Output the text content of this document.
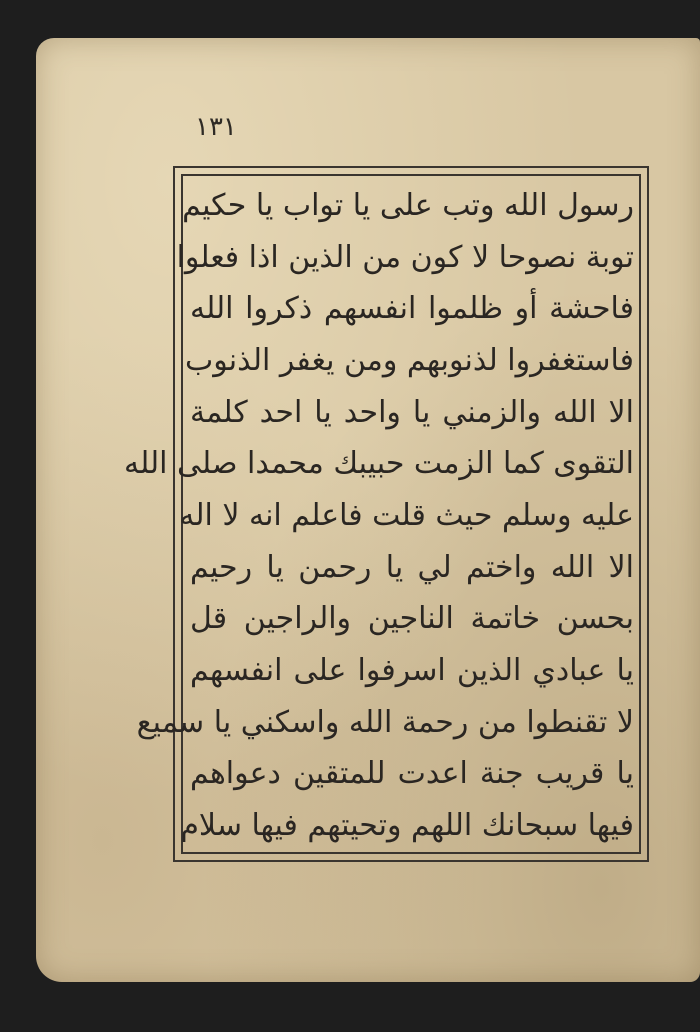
١٣١
رسول الله وتب على يا تواب يا حكيم
توبة نصوحا لا كون من الذين اذا فعلوا
فاحشة أو ظلموا انفسهم ذكروا الله
فاستغفروا لذنوبهم ومن يغفر الذنوب
الا الله والزمني يا واحد يا احد كلمة
التقوى كما الزمت حبيبك محمدا صلى الله
عليه وسلم حيث قلت فاعلم انه لا اله
الا الله واختم لي يا رحمن يا رحيم
بحسن خاتمة الناجين والراجين قل
يا عبادي الذين اسرفوا على انفسهم
لا تقنطوا من رحمة الله واسكني يا سميع
يا قريب جنة اعدت للمتقين دعواهم
فيها سبحانك اللهم وتحيتهم فيها سلام
